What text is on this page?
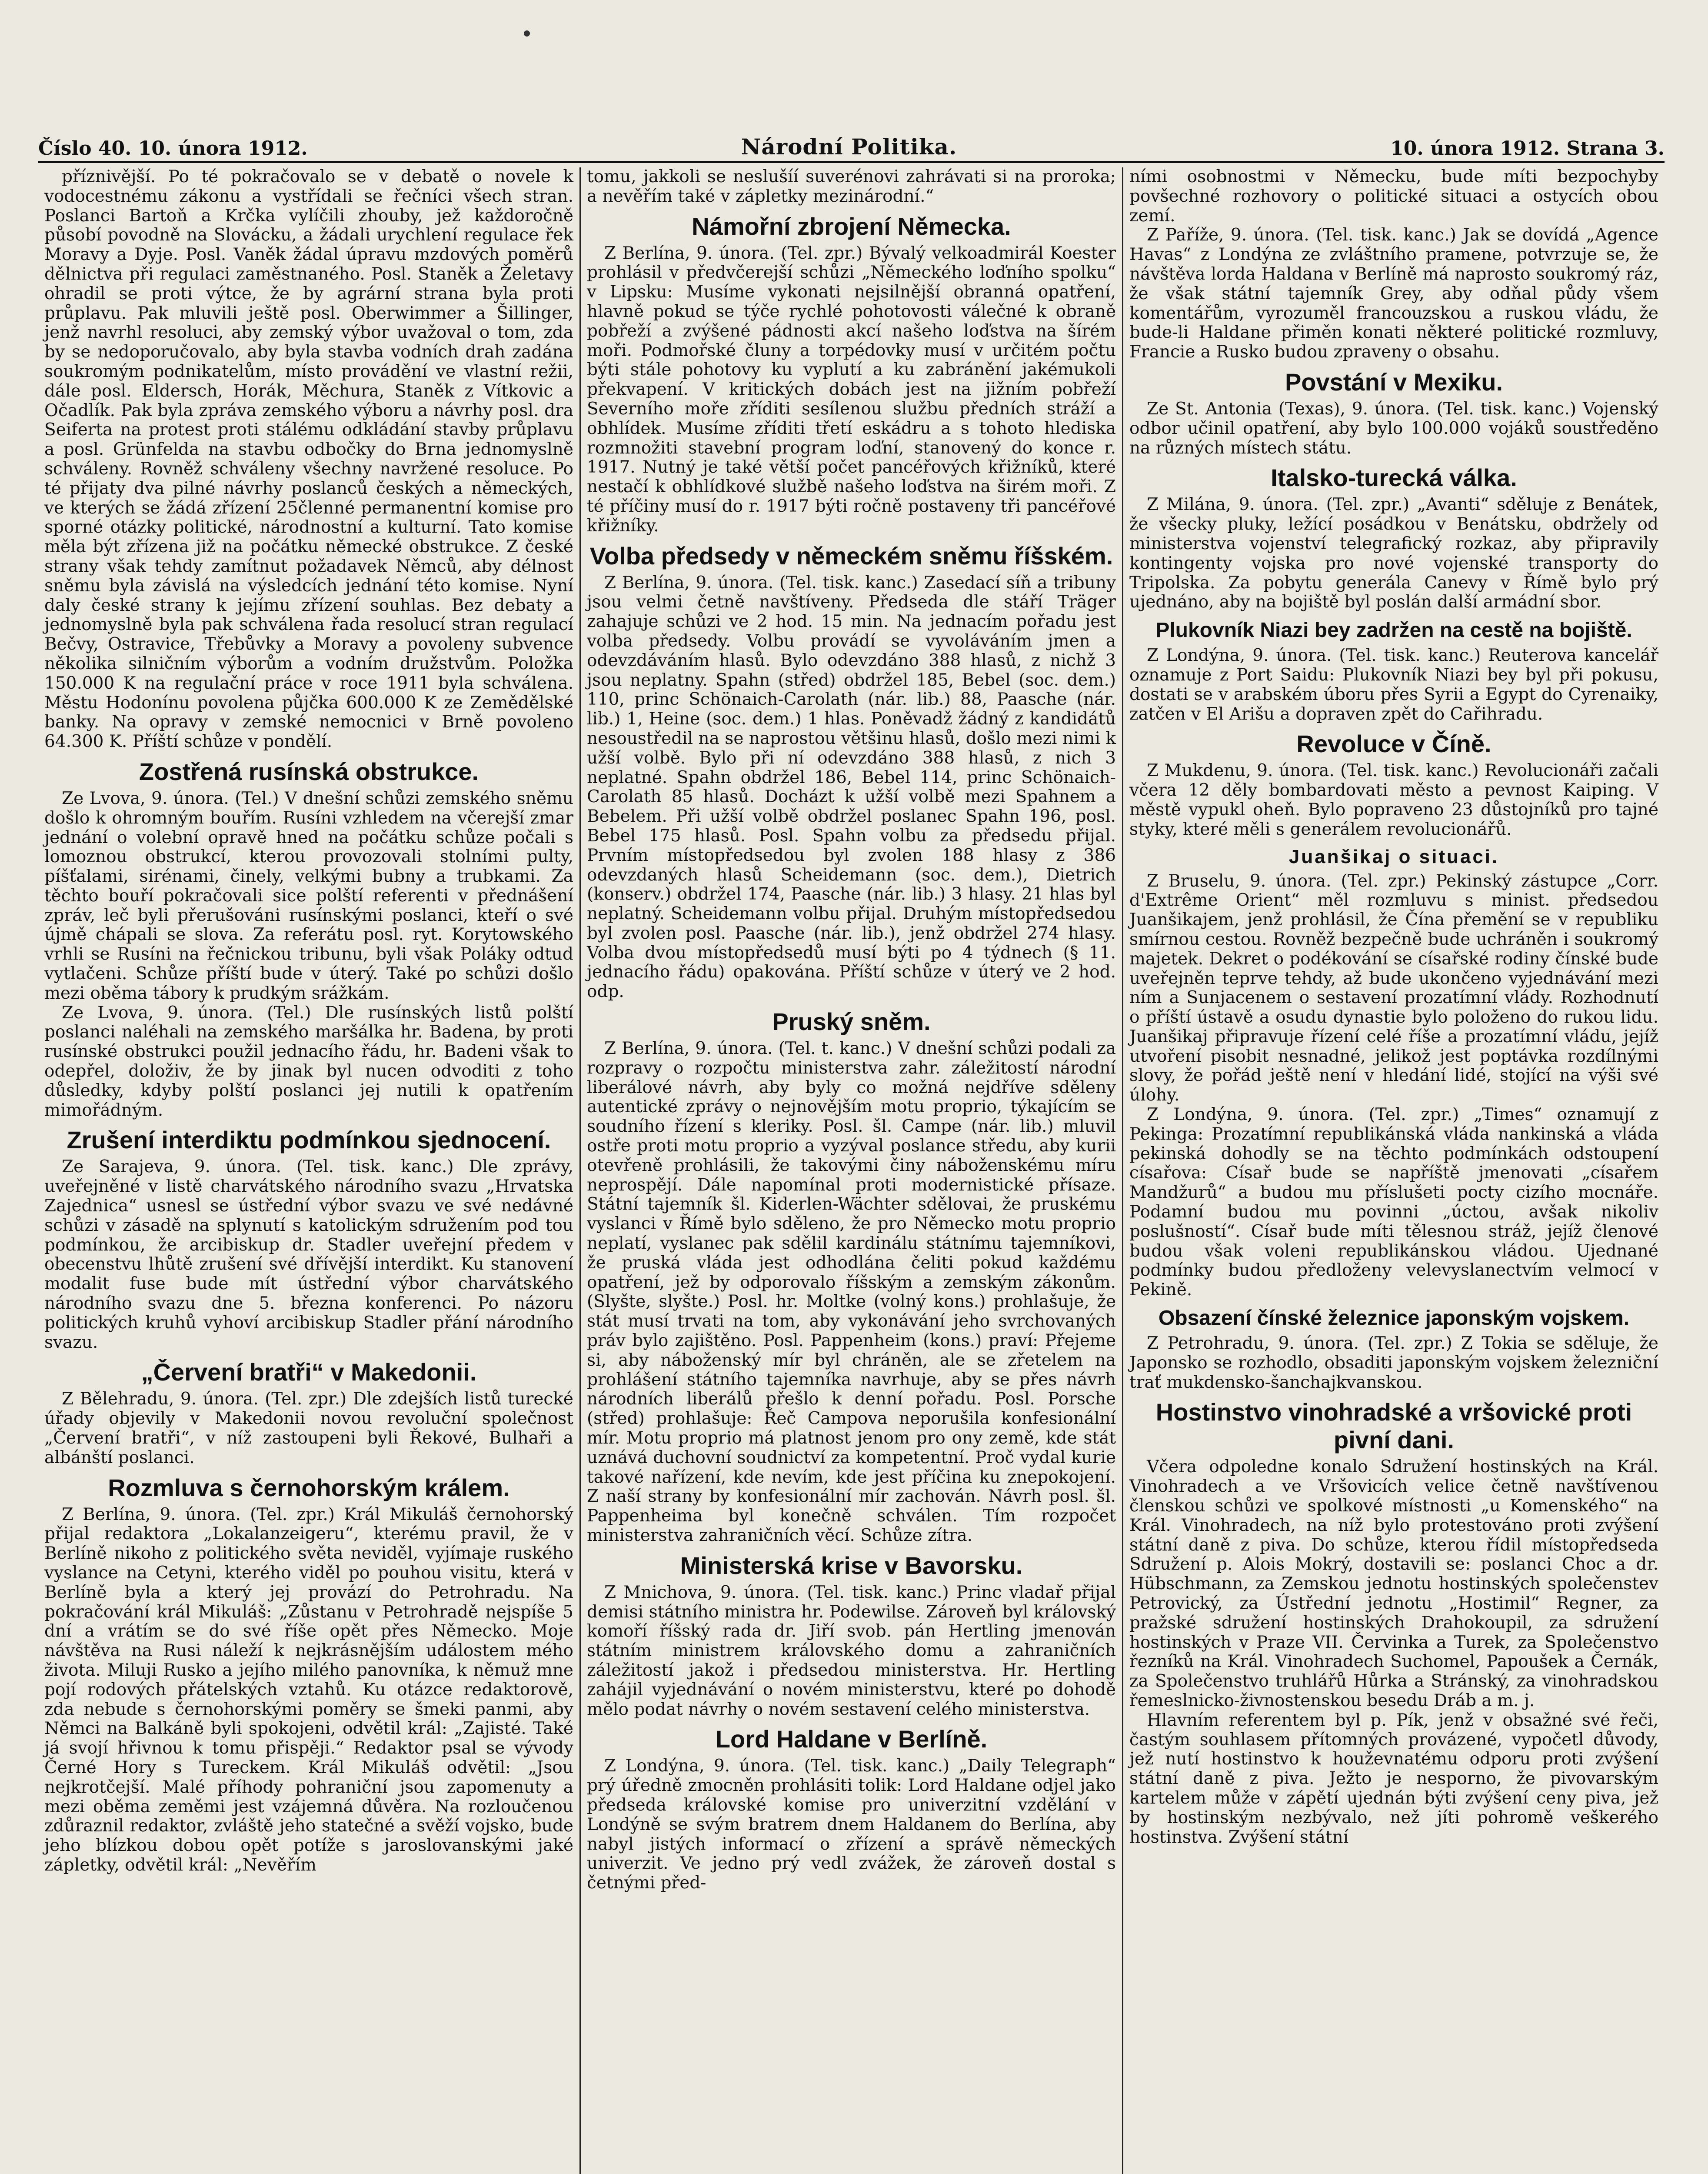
Číslo 40. 10. února 1912.	Národní Politika.	10. února 1912. Strana 3.

příznivější. Po té pokračovalo se v debatě o novele k vodocestnému zákonu a vystřídali se řečníci všech stran. Poslanci Bartoň a Krčka vylíčili zhouby, jež každoročně působí povodně na Slovácku, a žádali urychlení regulace řek Moravy a Dyje. Posl. Vaněk žádal úpravu mzdových poměrů dělnictva při regulaci zaměstnaného. Posl. Staněk a Želetavy ohradil se proti výtce, že by agrární strana byla proti průplavu. Pak mluvili ještě posl. Oberwimmer a Šillinger, jenž navrhl resoluci, aby zemský výbor uvažoval o tom, zda by se nedoporučovalo, aby byla stavba vodních drah zadána soukromým podnikatelům, místo provádění ve vlastní režii, dále posl. Eldersch, Horák, Měchura, Staněk z Vítkovic a Očadlík. Pak byla zpráva zemského výboru a návrhy posl. dra Seiferta na protest proti stálému odkládání stavby průplavu a posl. Grünfelda na stavbu odbočky do Brna jednomyslně schváleny. Rovněž schváleny všechny navržené resoluce. Po té přijaty dva pilné návrhy poslanců českých a německých, ve kterých se žádá zřízení 25členné permanentní komise pro sporné otázky politické, národnostní a kulturní. Tato komise měla být zřízena již na počátku německé obstrukce. Z české strany však tehdy zamítnut požadavek Němců, aby délnost sněmu byla závislá na výsledcích jednání této komise. Nyní daly české strany k jejímu zřízení souhlas. Bez debaty a jednomyslně byla pak schválena řada resolucí stran regulací Bečvy, Ostravice, Třebůvky a Moravy a povoleny subvence několika silničním výborům a vodním družstvům. Položka 150.000 K na regulační práce v roce 1911 byla schválena. Městu Hodonínu povolena půjčka 600.000 K ze Zemědělské banky. Na opravy v zemské nemocnici v Brně povoleno 64.300 K. Příští schůze v pondělí.

Zostřená rusínská obstrukce.

Ze Lvova, 9. února. (Tel.) V dnešní schůzi zemského sněmu došlo k ohromným bouřím. Rusíni vzhledem na včerejší zmar jednání o volební opravě hned na počátku schůze počali s lomoznou obstrukcí, kterou provozovali stolními pulty, píšťalami, sirénami, činely, velkými bubny a trubkami. Za těchto bouří pokračovali sice polští referenti v přednášení zpráv, leč byli přerušováni rusínskými poslanci, kteří o své újmě chápali se slova. Za referátu posl. ryt. Korytowského vrhli se Rusíni na řečnickou tribunu, byli však Poláky odtud vytlačeni. Schůze příští bude v úterý. Také po schůzi došlo mezi oběma tábory k prudkým srážkám.

Ze Lvova, 9. února. (Tel.) Dle rusínských listů polští poslanci naléhali na zemského maršálka hr. Badena, by proti rusínské obstrukci použil jednacího řádu, hr. Badeni však to odepřel, doloživ, že by jinak byl nucen odvoditi z toho důsledky, kdyby polští poslanci jej nutili k opatřením mimořádným.

Zrušení interdiktu podmínkou sjednocení.

Ze Sarajeva, 9. února. (Tel. tisk. kanc.) Dle zprávy, uveřejněné v listě charvátského národního svazu „Hrvatska Zajednica“ usnesl se ústřední výbor svazu ve své nedávné schůzi v zásadě na splynutí s katolickým sdružením pod tou podmínkou, že arcibiskup dr. Stadler uveřejní předem v obecenstvu lhůtě zrušení své dřívější interdikt. Ku stanovení modalit fuse bude mít ústřední výbor charvátského národního svazu dne 5. března konferenci. Po názoru politických kruhů vyhoví arcibiskup Stadler přání národního svazu.

„Červení bratři“ v Makedonii.

Z Bělehradu, 9. února. (Tel. zpr.) Dle zdejších listů turecké úřady objevily v Makedonii novou revoluční společnost „Červení bratři“, v níž zastoupeni byli Řekové, Bulhaři a albánští poslanci.

Rozmluva s černohorským králem.

Z Berlína, 9. února. (Tel. zpr.) Král Mikuláš černohorský přijal redaktora „Lokalanzeigeru“, kterému pravil, že v Berlíně nikoho z politického světa neviděl, vyjímaje ruského vyslance na Cetyni, kterého viděl po pouhou visitu, která v Berlíně byla a který jej provází do Petrohradu. Na pokračování král Mikuláš: „Zůstanu v Petrohradě nejspíše 5 dní a vrátím se do své říše opět přes Německo. Moje návštěva na Rusi náleží k nejkrásnějším událostem mého života. Miluji Rusko a jejího milého panovníka, k němuž mne pojí rodových přátelských vztahů. Ku otázce redaktorově, zda nebude s černohorskými poměry se šmeki panmi, aby Němci na Balkáně byli spokojeni, odvětil král: „Zajisté. Také já svojí hřivnou k tomu přispěji.“ Redaktor psal se vývody Černé Hory s Tureckem. Král Mikuláš odvětil: „Jsou nejkrotčejší. Malé příhody pohraniční jsou zapomenuty a mezi oběma zeměmi jest vzájemná důvěra. Na rozloučenou zdůraznil redaktor, zvláště jeho statečné a svěží vojsko, bude jeho blízkou dobou opět potíže s jaroslovanskými jaké zápletky, odvětil král: „Nevěřím

tomu, jakkoli se neslušíí suverénovi zahrávati si na proroka; a nevěřím také v zápletky mezinárodní.“

Námořní zbrojení Německa.

Z Berlína, 9. února. (Tel. zpr.) Bývalý velkoadmirál Koester prohlásil v předvčerejší schůzi „Německého loďního spolku“ v Lipsku: Musíme vykonati nejsilnější obranná opatření, hlavně pokud se týče rychlé pohotovosti válečné k obraně pobřeží a zvýšené pádnosti akcí našeho loďstva na šírém moři. Podmořské čluny a torpédovky musí v určitém počtu býti stále pohotovy ku vyplutí a ku zabránění jakémukoli překvapení. V kritických dobách jest na jižním pobřeží Severního moře zříditi sesílenou službu předních stráží a obhlídek. Musíme zříditi třetí eskádru a s tohoto hlediska rozmnožiti stavební program loďní, stanovený do konce r. 1917. Nutný je také větší počet pancéřových křižníků, které nestačí k obhlídkové službě našeho loďstva na širém moři. Z té příčiny musí do r. 1917 býti ročně postaveny tři pancéřové křižníky.

Volba předsedy v německém sněmu říšském.

Z Berlína, 9. února. (Tel. tisk. kanc.) Zasedací síň a tribuny jsou velmi četně navštíveny. Předseda dle stáří Träger zahajuje schůzi ve 2 hod. 15 min. Na jednacím pořadu jest volba předsedy. Volbu provádí se vyvoláváním jmen a odevzdáváním hlasů. Bylo odevzdáno 388 hlasů, z nichž 3 jsou neplatny. Spahn (střed) obdržel 185, Bebel (soc. dem.) 110, princ Schönaich-Carolath (nár. lib.) 88, Paasche (nár. lib.) 1, Heine (soc. dem.) 1 hlas. Poněvadž žádný z kandidátů nesoustředil na se naprostou většinu hlasů, došlo mezi nimi k užší volbě. Bylo při ní odevzdáno 388 hlasů, z nich 3 neplatné. Spahn obdržel 186, Bebel 114, princ Schönaich-Carolath 85 hlasů. Docházt k užší volbě mezi Spahnem a Bebelem. Při užší volbě obdržel poslanec Spahn 196, posl. Bebel 175 hlasů. Posl. Spahn volbu za předsedu přijal. Prvním místopředsedou byl zvolen 188 hlasy z 386 odevzdaných hlasů Scheidemann (soc. dem.), Dietrich (konserv.) obdržel 174, Paasche (nár. lib.) 3 hlasy. 21 hlas byl neplatný. Scheidemann volbu přijal. Druhým místopředsedou byl zvolen posl. Paasche (nár. lib.), jenž obdržel 274 hlasy. Volba dvou místopředsedů musí býti po 4 týdnech (§ 11. jednacího řádu) opakována. Příští schůze v úterý ve 2 hod. odp.

Pruský sněm.

Z Berlína, 9. února. (Tel. t. kanc.) V dnešní schůzi podali za rozpravy o rozpočtu ministerstva zahr. záležitostí národní liberálové návrh, aby byly co možná nejdříve sděleny autentické zprávy o nejnovějším motu proprio, týkajícím se soudního řízení s kleriky. Posl. šl. Campe (nár. lib.) mluvil ostře proti motu proprio a vyzýval poslance středu, aby kurii otevřeně prohlásili, že takovými činy náboženskému míru neprospějí. Dále napomínal proti modernistické přísaze. Státní tajemník šl. Kiderlen-Wächter sdělovai, že pruskému vyslanci v Římě bylo sděleno, že pro Německo motu proprio neplatí, vyslanec pak sdělil kardinálu státnímu tajemníkovi, že pruská vláda jest odhodlána čeliti pokud každému opatření, jež by odporovalo říšským a zemským zákonům. (Slyšte, slyšte.) Posl. hr. Moltke (volný kons.) prohlašuje, že stát musí trvati na tom, aby vykonávání jeho svrchovaných práv bylo zajištěno. Posl. Pappenheim (kons.) praví: Přejeme si, aby náboženský mír byl chráněn, ale se zřetelem na prohlášení státního tajemníka navrhuje, aby se přes návrh národních liberálů přešlo k denní pořadu. Posl. Porsche (střed) prohlašuje: Řeč Campova neporušila konfesionální mír. Motu proprio má platnost jenom pro ony země, kde stát uznává duchovní soudnictví za kompetentní. Proč vydal kurie takové nařízení, kde nevím, kde jest příčina ku znepokojení. Z naší strany by konfesionální mír zachován. Návrh posl. šl. Pappenheima byl konečně schválen. Tím rozpočet ministerstva zahraničních věcí. Schůze zítra.

Ministerská krise v Bavorsku.

Z Mnichova, 9. února. (Tel. tisk. kanc.) Princ vladař přijal demisi státního ministra hr. Podewilse. Zároveň byl královský komoří říšský rada dr. Jiří svob. pán Hertling jmenován státním ministrem královského domu a zahraničních záležitostí jakož i předsedou ministerstva. Hr. Hertling zahájil vyjednávání o novém ministerstvu, které po dohodě mělo podat návrhy o novém sestavení celého ministerstva.

Lord Haldane v Berlíně.

Z Londýna, 9. února. (Tel. tisk. kanc.) „Daily Telegraph“ prý úředně zmocněn prohlásiti tolik: Lord Haldane odjel jako předseda královské komise pro univerzitní vzdělání v Londýně se svým bratrem dnem Haldanem do Berlína, aby nabyl jistých informací o zřízení a správě německých univerzit. Ve jedno prý vedl zvážek, že zároveň dostal s četnými před-

ními osobnostmi v Německu, bude míti bezpochyby povšechné rozhovory o politické situaci a ostycích obou zemí.

Z Paříže, 9. února. (Tel. tisk. kanc.) Jak se dovídá „Agence Havas“ z Londýna ze zvláštního pramene, potvrzuje se, že návštěva lorda Haldana v Berlíně má naprosto soukromý ráz, že však státní tajemník Grey, aby odňal půdy všem komentářům, vyrozuměl francouzskou a ruskou vládu, že bude-li Haldane přiměn konati některé politické rozmluvy, Francie a Rusko budou zpraveny o obsahu.

Povstání v Mexiku.

Ze St. Antonia (Texas), 9. února. (Tel. tisk. kanc.) Vojenský odbor učinil opatření, aby bylo 100.000 vojáků soustředěno na různých místech státu.

Italsko-turecká válka.

Z Milána, 9. února. (Tel. zpr.) „Avanti“ sděluje z Benátek, že všecky pluky, ležící posádkou v Benátsku, obdržely od ministerstva vojenství telegrafický rozkaz, aby připravily kontingenty vojska pro nové vojenské transporty do Tripolska. Za pobytu generála Canevy v Římě bylo prý ujednáno, aby na bojiště byl poslán další armádní sbor.

Plukovník Niazi bey zadržen na cestě na bojiště.

Z Londýna, 9. února. (Tel. tisk. kanc.) Reuterova kancelář oznamuje z Port Saidu: Plukovník Niazi bey byl při pokusu, dostati se v arabském úboru přes Syrii a Egypt do Cyrenaiky, zatčen v El Arišu a dopraven zpět do Cařihradu.

Revoluce v Číně.

Z Mukdenu, 9. února. (Tel. tisk. kanc.) Revolucionáři začali včera 12 děly bombardovati město a pevnost Kaiping. V městě vypukl oheň. Bylo popraveno 23 důstojníků pro tajné styky, které měli s generálem revolucionářů.

Juanšikaj o situaci.

Z Bruselu, 9. února. (Tel. zpr.) Pekinský zástupce „Corr. d'Extrême Orient“ měl rozmluvu s minist. předsedou Juanšikajem, jenž prohlásil, že Čína přemění se v republiku smírnou cestou. Rovněž bezpečně bude uchráněn i soukromý majetek. Dekret o podékování se císařské rodiny čínské bude uveřejněn teprve tehdy, až bude ukončeno vyjednávání mezi ním a Sunjacenem o sestavení prozatímní vlády. Rozhodnutí o příští ústavě a osudu dynastie bylo položeno do rukou lidu. Juanšikaj připravuje řízení celé říše a prozatímní vládu, jejíž utvoření pisobit nesnadné, jelikož jest poptávka rozdílnými slovy, že pořád ještě není v hledání lidé, stojící na výši své úlohy.

Z Londýna, 9. února. (Tel. zpr.) „Times“ oznamují z Pekinga: Prozatímní republikánská vláda nankinská a vláda pekinská dohodly se na těchto podmínkách odstoupení císařova: Císař bude se napříště jmenovati „císařem Mandžurů“ a budou mu příslušeti pocty cizího mocnáře. Podamní budou mu povinni „úctou, avšak nikoliv poslušností“. Císař bude míti tělesnou stráž, jejíž členové budou však voleni republikánskou vládou. Ujednané podmínky budou předloženy velevyslanectvím velmocí v Pekině.

Obsazení čínské železnice japonským vojskem.

Z Petrohradu, 9. února. (Tel. zpr.) Z Tokia se sděluje, že Japonsko se rozhodlo, obsaditi japonským vojskem železniční trať mukdensko-šanchajkvanskou.

Hostinstvo vinohradské a vršovické proti pivní dani.

Včera odpoledne konalo Sdružení hostinských na Král. Vinohradech a ve Vršovicích velice četně navštívenou členskou schůzi ve spolkové místnosti „u Komenského“ na Král. Vinohradech, na níž bylo protestováno proti zvýšení státní daně z piva. Do schůze, kterou řídil místopředseda Sdružení p. Alois Mokrý, dostavili se: poslanci Choc a dr. Hübschmann, za Zemskou jednotu hostinských společenstev Petrovický, za Ústřední jednotu „Hostimil“ Regner, za pražské sdružení hostinských Drahokoupil, za sdružení hostinských v Praze VII. Červinka a Turek, za Společenstvo řezníků na Král. Vinohradech Suchomel, Papoušek a Černák, za Společenstvo truhlářů Hůrka a Stránský, za vinohradskou řemeslnicko-živnostenskou besedu Dráb a m. j.

Hlavním referentem byl p. Pík, jenž v obsažné své řeči, častým souhlasem přítomných provázené, vypočetl důvody, jež nutí hostinstvo k houževnatému odporu proti zvýšení státní daně z piva. Ježto je nesporno, že pivovarským kartelem může v zápětí ujednán býti zvýšení ceny piva, jež by hostinským nezbývalo, než jíti pohromě veškerého hostinstva. Zvýšení státní
